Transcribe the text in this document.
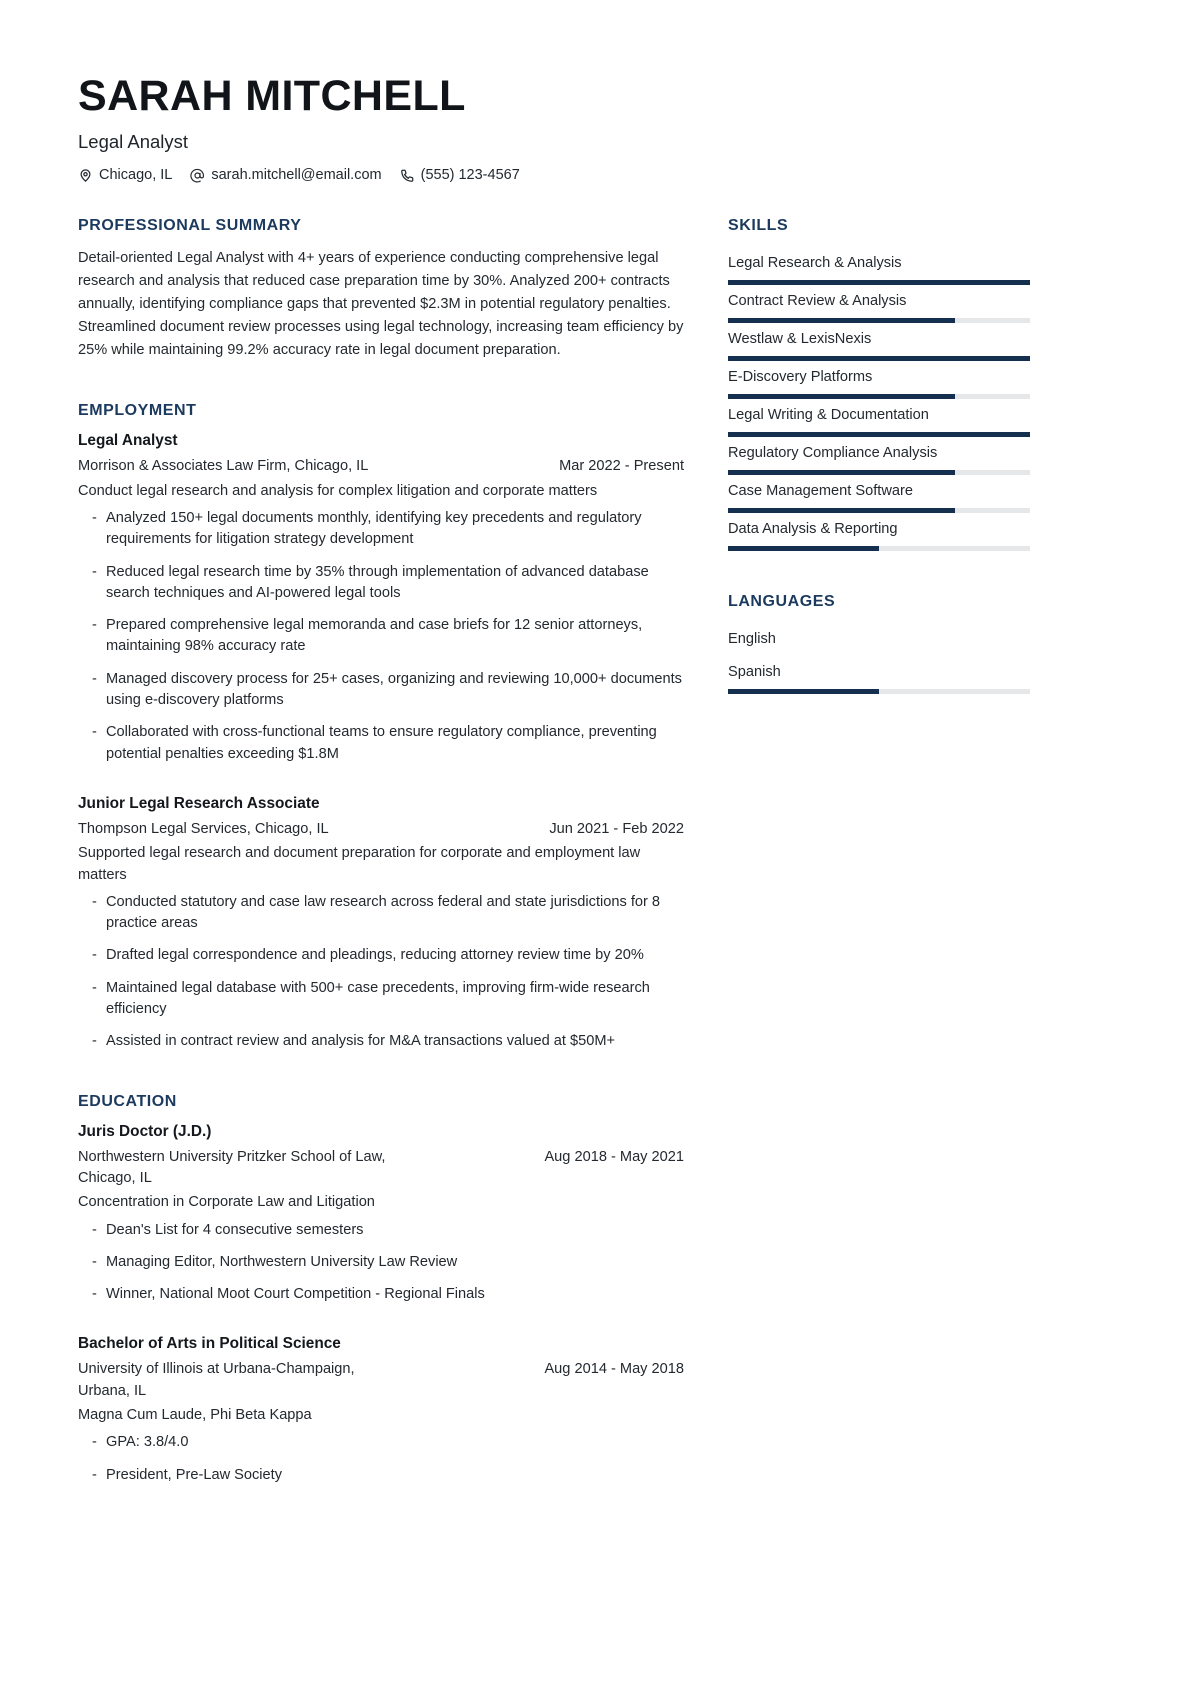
SARAH MITCHELL
Legal Analyst
Chicago, IL	sarah.mitchell@email.com	(555) 123-4567
PROFESSIONAL SUMMARY
Detail-oriented Legal Analyst with 4+ years of experience conducting comprehensive legal research and analysis that reduced case preparation time by 30%. Analyzed 200+ contracts annually, identifying compliance gaps that prevented $2.3M in potential regulatory penalties. Streamlined document review processes using legal technology, increasing team efficiency by 25% while maintaining 99.2% accuracy rate in legal document preparation.
EMPLOYMENT
Legal Analyst
Morrison & Associates Law Firm, Chicago, IL	Mar 2022 - Present
Conduct legal research and analysis for complex litigation and corporate matters
- Analyzed 150+ legal documents monthly, identifying key precedents and regulatory requirements for litigation strategy development
- Reduced legal research time by 35% through implementation of advanced database search techniques and AI-powered legal tools
- Prepared comprehensive legal memoranda and case briefs for 12 senior attorneys, maintaining 98% accuracy rate
- Managed discovery process for 25+ cases, organizing and reviewing 10,000+ documents using e-discovery platforms
- Collaborated with cross-functional teams to ensure regulatory compliance, preventing potential penalties exceeding $1.8M
Junior Legal Research Associate
Thompson Legal Services, Chicago, IL	Jun 2021 - Feb 2022
Supported legal research and document preparation for corporate and employment law matters
- Conducted statutory and case law research across federal and state jurisdictions for 8 practice areas
- Drafted legal correspondence and pleadings, reducing attorney review time by 20%
- Maintained legal database with 500+ case precedents, improving firm-wide research efficiency
- Assisted in contract review and analysis for M&A transactions valued at $50M+
EDUCATION
Juris Doctor (J.D.)
Northwestern University Pritzker School of Law, Chicago, IL
Aug 2018 - May 2021
Concentration in Corporate Law and Litigation
- Dean's List for 4 consecutive semesters
- Managing Editor, Northwestern University Law Review
- Winner, National Moot Court Competition - Regional Finals
Bachelor of Arts in Political Science
University of Illinois at Urbana-Champaign, Urbana, IL
Aug 2014 - May 2018
Magna Cum Laude, Phi Beta Kappa
- GPA: 3.8/4.0
- President, Pre-Law Society
SKILLS
Legal Research & Analysis
Contract Review & Analysis
Westlaw & LexisNexis
E-Discovery Platforms
Legal Writing & Documentation
Regulatory Compliance Analysis
Case Management Software
Data Analysis & Reporting
LANGUAGES
English
Spanish
